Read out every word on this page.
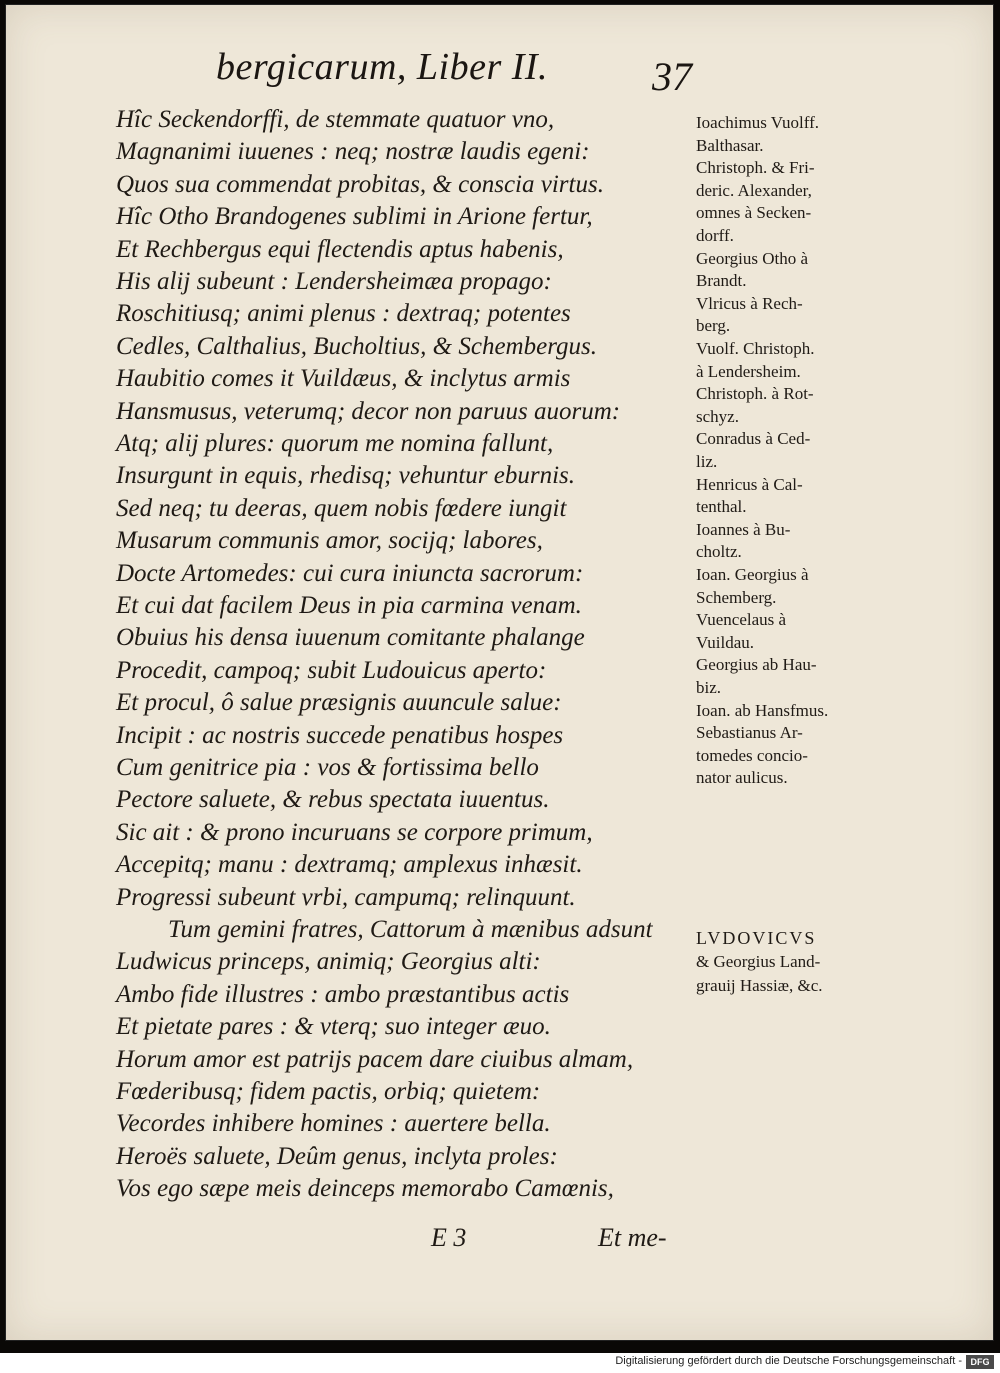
bergicarum, Liber II.	37
Hîc Seckendorffi, de stemmate quatuor vno,
Magnanimi iuuenes : neq; nostræ laudis egeni:
Quos sua commendat probitas, & conscia virtus.
Hîc Otho Brandogenes sublimi in Arione fertur,
Et Rechbergus equi flectendis aptus habenis,
His alij subeunt : Lendersheimæa propago:
Roschitiusq; animi plenus : dextraq; potentes
Cedles, Calthalius, Bucholtius, & Schembergus.
Haubitio comes it Vuildæus, & inclytus armis
Hansmusus, veterumq; decor non paruus auorum:
Atq; alij plures: quorum me nomina fallunt,
Insurgunt in equis, rhedisq; vehuntur eburnis.
Sed neq; tu deeras, quem nobis fœdere iungit
Musarum communis amor, socijq; labores,
Docte Artomedes: cui cura iniuncta sacrorum:
Et cui dat facilem Deus in pia carmina venam.
Obuius his densa iuuenum comitante phalange
Procedit, campoq; subit Ludouicus aperto:
Et procul, ô salue præsignis auuncule salue:
Incipit : ac nostris succede penatibus hospes
Cum genitrice pia : vos & fortissima bello
Pectore saluete, & rebus spectata iuuentus.
Sic ait : & prono incuruans se corpore primum,
Accepitq; manu : dextramq; amplexus inhæsit.
Progressi subeunt vrbi, campumq; relinquunt.
Tum gemini fratres, Cattorum à mænibus adsunt
Ludwicus princeps, animiq; Georgius alti:
Ambo fide illustres : ambo præstantibus actis
Et pietate pares : & vterq; suo integer æuo.
Horum amor est patrijs pacem dare ciuibus almam,
Fœderibusq; fidem pactis, orbiq; quietem:
Vecordes inhibere homines : auertere bella.
Heroës saluete, Deûm genus, inclyta proles:
Vos ego sæpe meis deinceps memorabo Camœnis,
Ioachimus Vuolff.
Balthasar.
Christoph. & Fri-
deric. Alexander,
omnes à Secken-
dorff.
Georgius Otho à
Brandt.
Vlricus à Rech-
berg.
Vuolf. Christoph.
à Lendersheim.
Christoph. à Rot-
schyz.
Conradus à Ced-
liz.
Henricus à Cal-
tenthal.
Ioannes à Bu-
choltz.
Ioan. Georgius à
Schemberg.
Vuencelaus à
Vuildau.
Georgius ab Hau-
biz.
Ioan. ab Hansfmus.
Sebastianus Ar-
tomedes concio-
nator aulicus.
LVDOVICVS
& Georgius Land-
grauij Hassiæ, &c.
E 3	Et me-
Digitalisierung gefördert durch die Deutsche Forschungsgemeinschaft - DFG
